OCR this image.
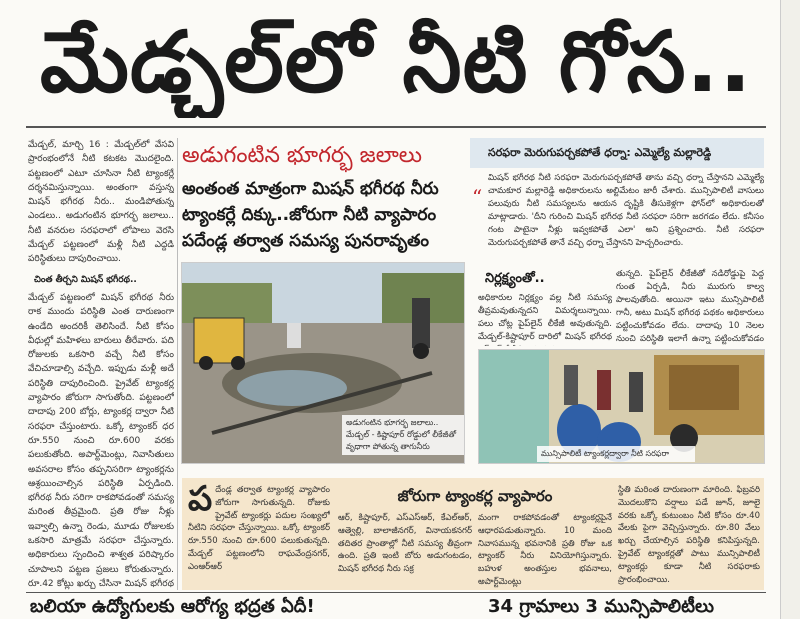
మేడ్చల్‌లో నీటి గోస..
మేడ్చల్‌, మార్చి 16 : మేడ్చల్‌లో వేసవి ప్రారంభంలోనే నీటి కటకట మొదలైంది. పట్టణంలో ఎటూ చూసినా నీటి ట్యాంకర్లే దర్శనమిస్తున్నాయి. అంతంగా వస్తున్న మిషన్‌ భగీరథ నీరు.. మండిపోతున్న ఎండలు.. అడుగంటిన భూగర్భ జలాలు.. నీటి వనరుల సరఫరాలో లోపాలు వెరసి మేడ్చల్‌ పట్టణంలో మళ్లీ నీటి ఎద్దడి పరిస్థితులు దాపురించాయి.
చింత తీర్చని మిషన్‌ భగీరథ..
మేడ్చల్‌ పట్టణంలో మిషన్‌ భగీరథ నీరు రాక ముందు పరిస్థితి ఎంత దారుణంగా ఉండేది అందరికీ తెలిసిందే. నీటి కోసం వీధుల్లో మహిళలు బారులు తీరేవారు. పది రోజులకు ఒకసారి వచ్చే నీటి కోసం వేచిచూడాల్సి వచ్చేది. ఇప్పుడు మళ్లీ అదే పరిస్థితి దాపురించింది. ప్రైవేట్‌ ట్యాంకర్ల వ్యాపారం జోరుగా సాగుతోంది. పట్టణంలో దాదాపు 200 బోర్లు, ట్యాంకర్ల ద్వారా నీటి సరఫరా చేస్తుంటారు. ఒక్కో ట్యాంకర్‌ ధర రూ.550 నుంచి రూ.600 వరకు పలుకుతోంది. అపార్ట్‌మెంట్లు, నివాసితులు అవసరాల కోసం తప్పనిసరిగా ట్యాంకర్లను ఆశ్రయించాల్సిన పరిస్థితి ఏర్పడింది. భగీరథ నీరు సరిగా రాకపోవడంతో సమస్య మరింత తీవ్రమైంది. ప్రతి రోజు నీళ్లు ఇవ్వాల్సి ఉన్నా రెండు, మూడు రోజులకు ఒకసారి మాత్రమే సరఫరా చేస్తున్నారు. అధికారులు స్పందించి శాశ్వత పరిష్కారం చూపాలని పట్టణ ప్రజలు కోరుతున్నారు. రూ.42 కోట్లు ఖర్చు చేసినా మిషన్‌ భగీరథ
అడుగంటిన భూగర్భ జలాలు
అంతంత మాత్రంగా మిషన్‌ భగీరథ నీరు
ట్యాంకర్లే దిక్కు..జోరుగా నీటి వ్యాపారం
పదేండ్ల తర్వాత సమస్య పునరావృతం
అడుగంటిన భూగర్భ జలాలు..
మేడ్చల్‌ - కిష్టాపూర్‌ రోడ్డులో లీకేజీతో
వృధాగా పోతున్న తాగునీరు
సరఫరా మెరుగుపర్చకపోతే ధర్నా: ఎమ్మెల్యే మల్లారెడ్డి
“
మిషన్‌ భగీరథ నీటి సరఫరా మెరుగుపర్చకపోతే తాను వచ్చి ధర్నా చేస్తానని ఎమ్మెల్యే చామకూర మల్లారెడ్డి అధికారులను అల్టిమేటం జారీ చేశారు. మున్సిపాలిటీ వాసులు పలువురు నీటి సమస్యలను ఆయన దృష్టికి తీసుకెళ్లగా ఫోన్‌లో అధికారులతో మాట్లాడారు. 'దీని గురించి మిషన్‌ భగీరథ నీటి సరఫరా సరిగా జరగడం లేదు. కనీసం గంట పాటైనా నీళ్లు ఇవ్వకపోతే ఎలా' అని ప్రశ్నించారు. నీటి సరఫరా మెరుగుపర్చకపోతే తానే వచ్చి ధర్నా చేస్తానని హెచ్చరించారు.
నిర్లక్ష్యంతో..
అధికారుల నిర్లక్ష్యం వల్ల నీటి సమస్య తీవ్రమవుతున్నదని విమర్శలున్నాయి. పలు చోట్ల పైప్‌లైన్‌ లీకేజీ అవుతున్నది. మేడ్చల్‌-కిష్టాపూర్‌ దారిలో మిషన్‌ భగీరథ
తున్నది. పైప్‌లైన్‌ లీకేజీతో నడిరోడ్డుపై పెద్ద గుంత ఏర్పడి, నీరు మురుగు కాల్వ పాలవుతోంది. అయినా ఇటు మున్సిపాలిటీ గానీ, అటు మిషన్‌ భగీరథ పథకం అధికారులు పట్టించుకోవడం లేదు. దాదాపు 10 నెలల నుంచి పరిస్థితి ఇలాగే ఉన్నా పట్టించుకోవడం
మున్సిపాలిటీ ట్యాంకర్లద్వారా నీటి సరఫరా
జోరుగా ట్యాంకర్ల వ్యాపారం
పదేండ్ల తర్వాత ట్యాంకర్ల వ్యాపారం జోరుగా సాగుతున్నది. రోజుకు ప్రైవేట్‌ ట్యాంకర్లు పదుల సంఖ్యలో నీటిని సరఫరా చేస్తున్నాయి. ఒక్కో ట్యాంకర్‌ రూ.550 నుంచి రూ.600 పలుకుతున్నది. మేడ్చల్‌ పట్టణంలోని రాఘవేంద్రనగర్‌, ఎంఆర్‌ఆర్‌
ఆర్‌, కిష్టాపూర్‌, ఎస్‌ఎస్‌ఆర్‌, కేఎల్‌ఆర్‌, ఆత్వెల్లి, బాలాజీనగర్‌, వినాయకనగర్‌ తదితర ప్రాంతాల్లో నీటి సమస్య తీవ్రంగా ఉంది. ప్రతి ఇంటి బోరు అడుగంటడం, మిషన్‌ భగీరథ నీరు సక్ర
మంగా రాకపోవడంతో ట్యాంకర్లపైనే ఆధారపడుతున్నారు. 10 మంది నివాసమున్న భవనానికి ప్రతి రోజు ఒక ట్యాంకర్‌ నీరు వినియోగిస్తున్నారు. బహుళ అంతస్తుల భవనాలు, అపార్ట్‌మెంట్లు
స్థితి మరింత దారుణంగా మారింది. ఫిబ్రవరి మొదలుకొని వర్షాలు పడే జూన్‌, జూలై వరకు ఒక్కో కుటుంబం నీటి కోసం రూ.40 వేలకు పైగా వెచ్చిస్తున్నారు. రూ.80 వేలు ఖర్చు చేయాల్సిన పరిస్థితి కనిపిస్తున్నది. ప్రైవేట్‌ ట్యాంకర్లతో పాటు మున్సిపాలిటీ ట్యాంకర్లు కూడా నీటి సరఫరాకు ప్రారంభించాయి.
బలియా ఉద్యోగులకు ఆరోగ్య భద్రత ఏదీ!	34 గ్రామాలు 3 మున్సిపాలిటీలు
